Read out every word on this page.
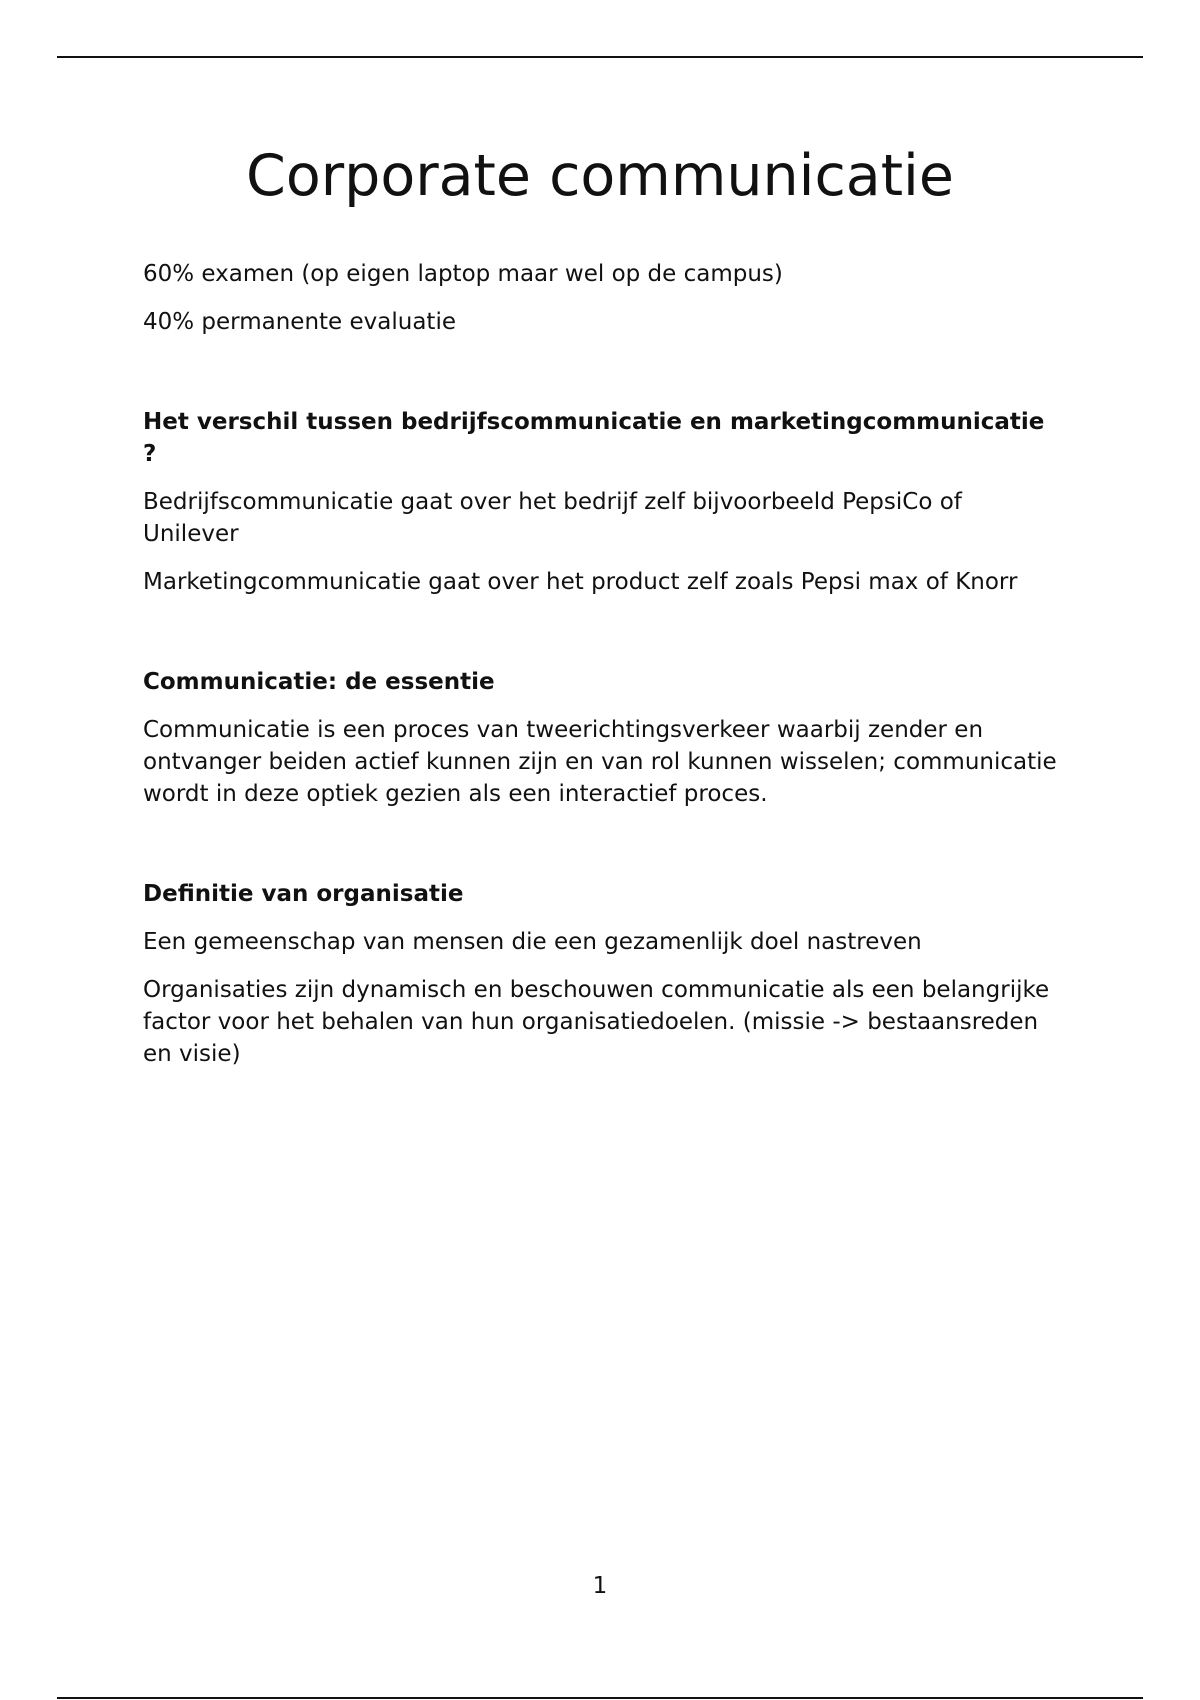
Corporate communicatie

60% examen (op eigen laptop maar wel op de campus)

40% permanente evaluatie

Het verschil tussen bedrijfscommunicatie en marketingcommunicatie ?

Bedrijfscommunicatie gaat over het bedrijf zelf bijvoorbeeld PepsiCo of Unilever

Marketingcommunicatie gaat over het product zelf zoals Pepsi max of Knorr

Communicatie: de essentie

Communicatie is een proces van tweerichtingsverkeer waarbij zender en ontvanger beiden actief kunnen zijn en van rol kunnen wisselen; communicatie wordt in deze optiek gezien als een interactief proces.

Definitie van organisatie

Een gemeenschap van mensen die een gezamenlijk doel nastreven

Organisaties zijn dynamisch en beschouwen communicatie als een belangrijke factor voor het behalen van hun organisatiedoelen. (missie -> bestaansreden en visie)

1
